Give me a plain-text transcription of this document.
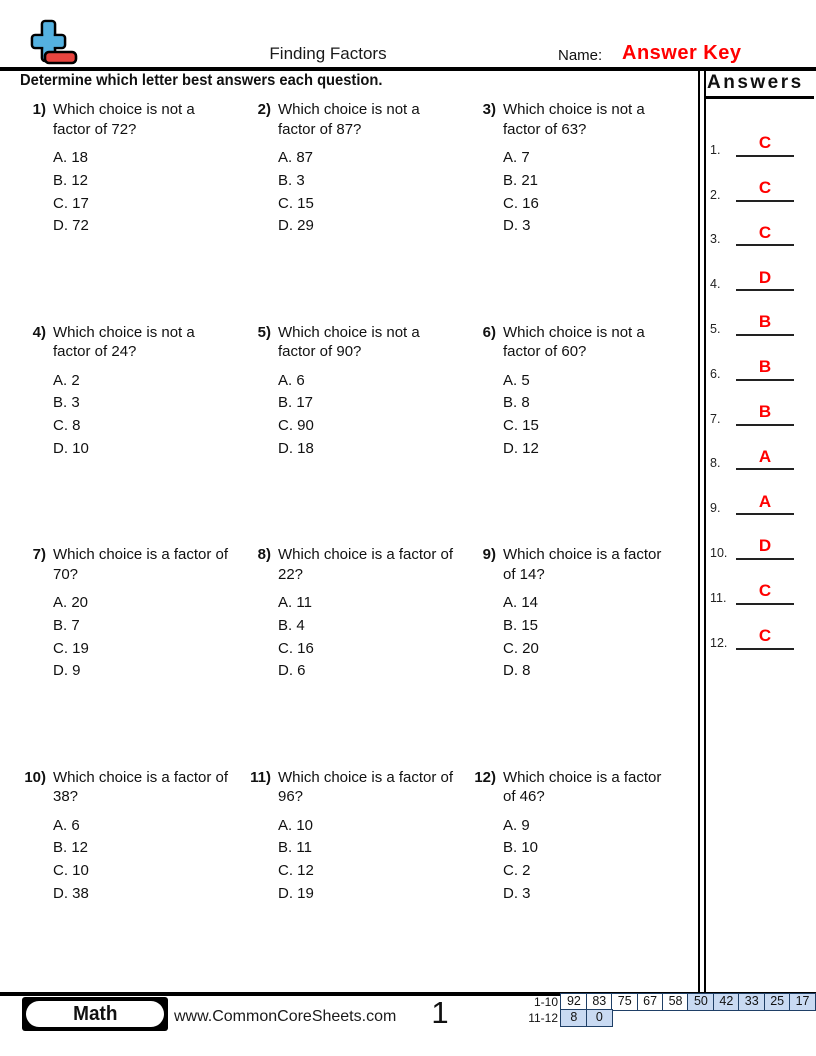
Finding Factors	Name: Answer Key
Determine which letter best answers each question.
1) Which choice is not a
factor of 72?
A. 18
B. 12
C. 17
D. 72
2) Which choice is not a
factor of 87?
A. 87
B. 3
C. 15
D. 29
3) Which choice is not a
factor of 63?
A. 7
B. 21
C. 16
D. 3
4) Which choice is not a
factor of 24?
A. 2
B. 3
C. 8
D. 10
5) Which choice is not a
factor of 90?
A. 6
B. 17
C. 90
D. 18
6) Which choice is not a
factor of 60?
A. 5
B. 8
C. 15
D. 12
7) Which choice is a factor of
70?
A. 20
B. 7
C. 19
D. 9
8) Which choice is a factor of
22?
A. 11
B. 4
C. 16
D. 6
9) Which choice is a factor
of 14?
A. 14
B. 15
C. 20
D. 8
10) Which choice is a factor of
38?
A. 6
B. 12
C. 10
D. 38
11) Which choice is a factor of
96?
A. 10
B. 11
C. 12
D. 19
12) Which choice is a factor
of 46?
A. 9
B. 10
C. 2
D. 3
Answers
1.	C
2.	C
3.	C
4.	D
5.	B
6.	B
7.	B
8.	A
9.	A
10.	D
11.	C
12.	C
Math	www.CommonCoreSheets.com	1	1-10 92 83 75 67 58 50 42 33 25 17
11-12 8	0
